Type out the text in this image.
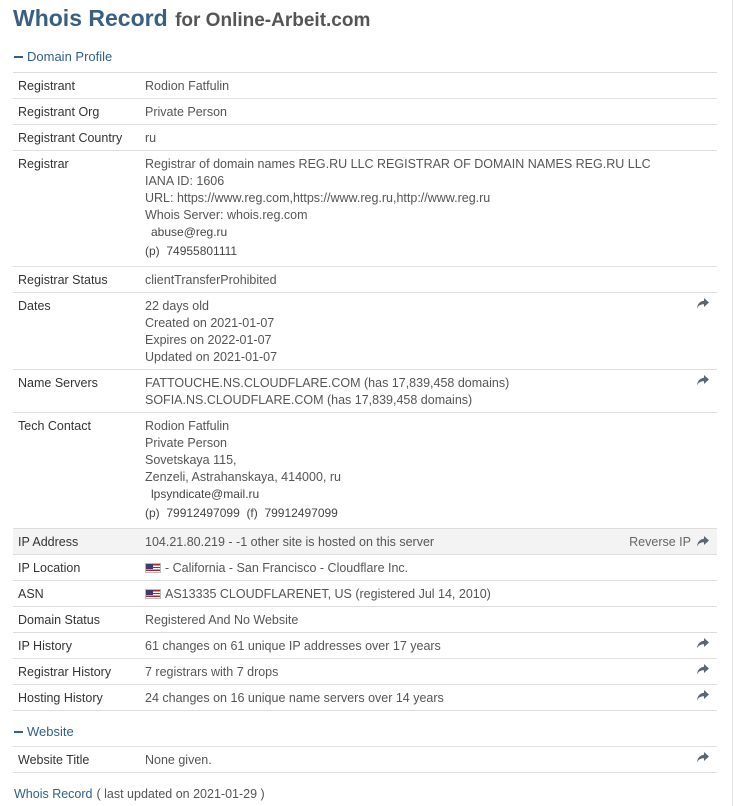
Whois Record for Online-Arbeit.com
Domain Profile
Registrant	Rodion Fatfulin
Registrant Org	Private Person
Registrant Country ru
Registrar	Registrar of domain names REG.RU LLC REGISTRAR OF DOMAIN NAMES REG.RU LLC
IANA ID: 1606
URL: https://www.reg.com,https://www.reg.ru,http://www.reg.ru
Whois Server: whois.reg.com
abuse@reg.ru
(p) 74955801111
Registrar Status	clientTransferProhibited
Dates	22 days old
Created on 2021-01-07
Expires on 2022-01-07
Updated on 2021-01-07
Name Servers	FATTOUCHE.NS.CLOUDFLARE.COM (has 17,839,458 domains)
SOFIA.NS.CLOUDFLARE.COM (has 17,839,458 domains)
Tech Contact	Rodion Fatfulin
Private Person
Sovetskaya 115,
Zenzeli, Astrahanskaya, 414000, ru
lpsyndicate@mail.ru
(p) 79912497099 (f) 79912497099
IP Address	104.21.80.219 - -1 other site is hosted on this server	Reverse IP
IP Location	- California - San Francisco - Cloudflare Inc.
ASN	AS13335 CLOUDFLARENET, US (registered Jul 14, 2010)
Domain Status	Registered And No Website
IP History	61 changes on 61 unique IP addresses over 17 years
Registrar History	7 registrars with 7 drops
Hosting History	24 changes on 16 unique name servers over 14 years
Website
Website Title	None given.
Whois Record ( last updated on 2021-01-29 )
